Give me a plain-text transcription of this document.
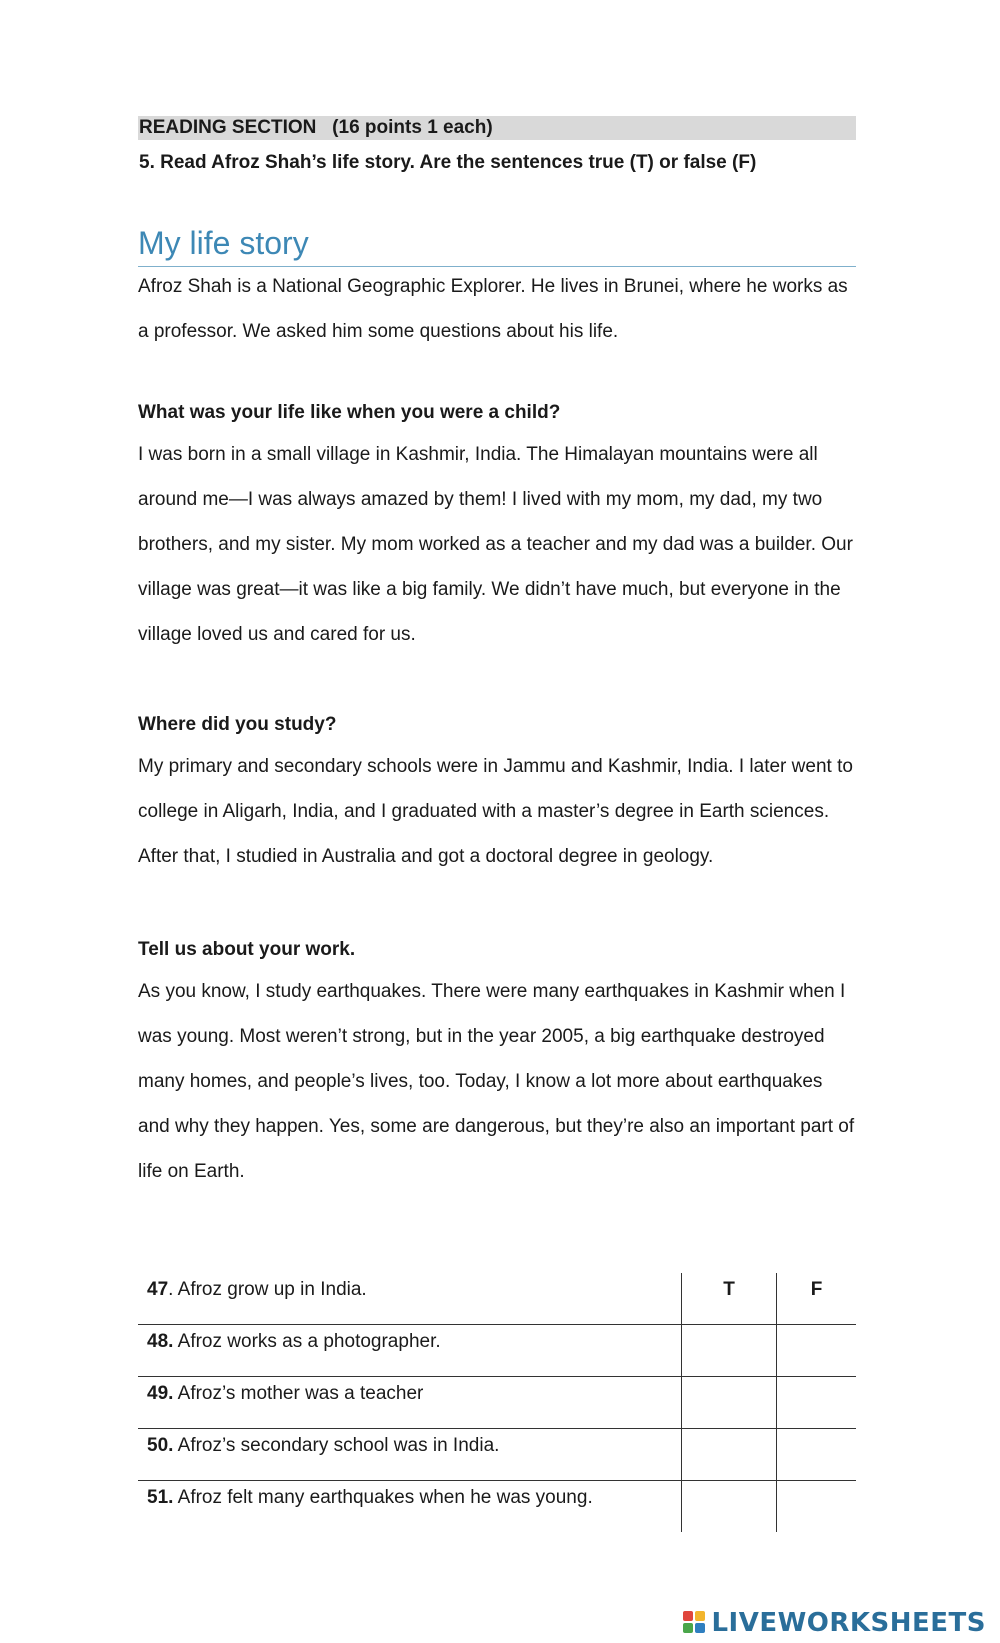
READING SECTION   (16 points 1 each)
5. Read Afroz Shah’s life story. Are the sentences true (T) or false (F)
My life story

Afroz Shah is a National Geographic Explorer. He lives in Brunei, where he works as a professor. We asked him some questions about his life.

What was your life like when you were a child?

I was born in a small village in Kashmir, India. The Himalayan mountains were all around me—I was always amazed by them! I lived with my mom, my dad, my two brothers, and my sister. My mom worked as a teacher and my dad was a builder. Our village was great—it was like a big family. We didn’t have much, but everyone in the village loved us and cared for us.

Where did you study?

My primary and secondary schools were in Jammu and Kashmir, India. I later went to college in Aligarh, India, and I graduated with a master’s degree in Earth sciences. After that, I studied in Australia and got a doctoral degree in geology.

Tell us about your work.

As you know, I study earthquakes. There were many earthquakes in Kashmir when I was young. Most weren’t strong, but in the year 2005, a big earthquake destroyed many homes, and people’s lives, too. Today, I know a lot more about earthquakes and why they happen. Yes, some are dangerous, but they’re also an important part of life on Earth.

47. Afroz grow up in India.	T	F
48. Afroz works as a photographer.		
49. Afroz’s mother was a teacher		
50. Afroz’s secondary school was in India.		
51. Afroz felt many earthquakes when he was young.		
LIVEWORKSHEETS
